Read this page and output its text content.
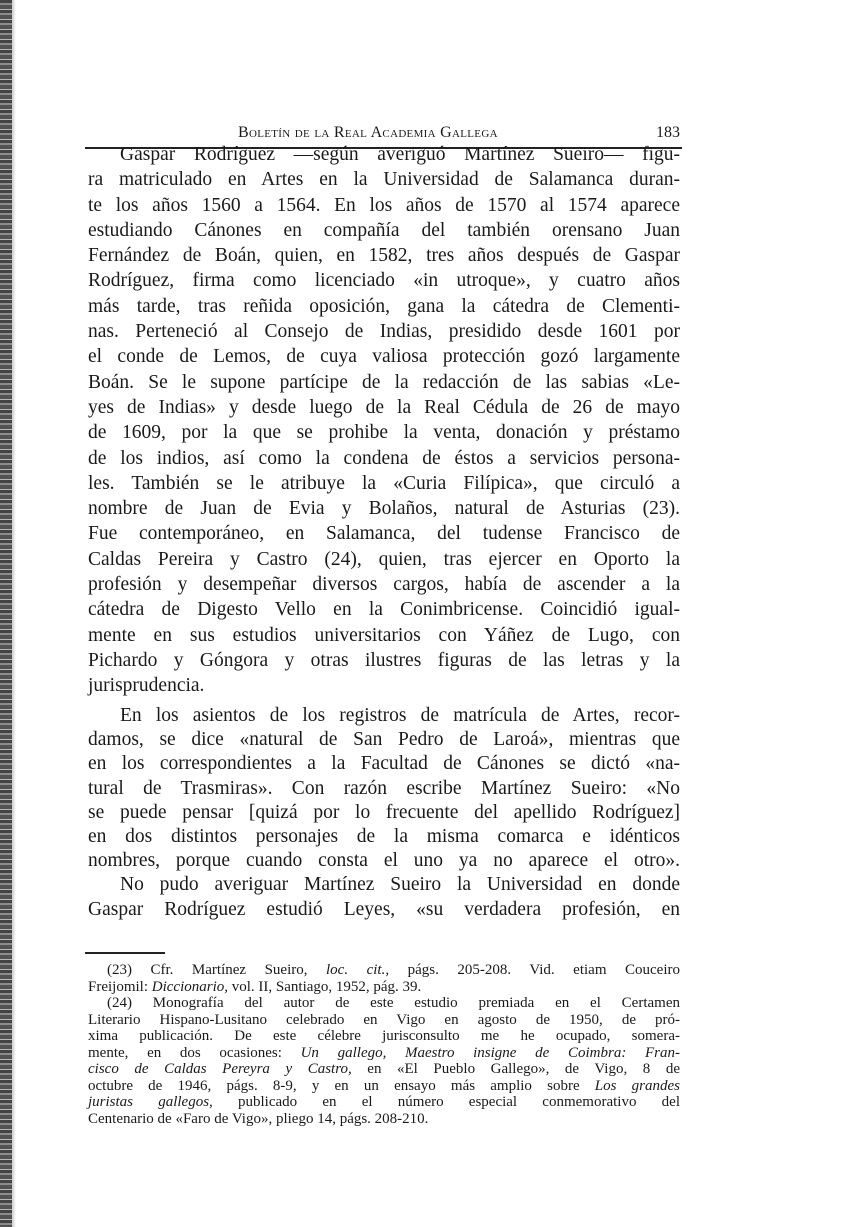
Boletín de la Real Academia Gallega	183
Gaspar Rodríguez —según averiguó Martínez Sueiro— figu-
ra matriculado en Artes en la Universidad de Salamanca duran-
te los años 1560 a 1564. En los años de 1570 al 1574 aparece
estudiando Cánones en compañía del también orensano Juan
Fernández de Boán, quien, en 1582, tres años después de Gaspar
Rodríguez, firma como licenciado «in utroque», y cuatro años
más tarde, tras reñida oposición, gana la cátedra de Clementi-
nas. Perteneció al Consejo de Indias, presidido desde 1601 por
el conde de Lemos, de cuya valiosa protección gozó largamente
Boán. Se le supone partícipe de la redacción de las sabias «Le-
yes de Indias» y desde luego de la Real Cédula de 26 de mayo
de 1609, por la que se prohibe la venta, donación y préstamo
de los indios, así como la condena de éstos a servicios persona-
les. También se le atribuye la «Curia Filípica», que circuló a
nombre de Juan de Evia y Bolaños, natural de Asturias (23).
Fue contemporáneo, en Salamanca, del tudense Francisco de
Caldas Pereira y Castro (24), quien, tras ejercer en Oporto la
profesión y desempeñar diversos cargos, había de ascender a la
cátedra de Digesto Vello en la Conimbricense. Coincidió igual-
mente en sus estudios universitarios con Yáñez de Lugo, con
Pichardo y Góngora y otras ilustres figuras de las letras y la
jurisprudencia.
En los asientos de los registros de matrícula de Artes, recor-
damos, se dice «natural de San Pedro de Laroá», mientras que
en los correspondientes a la Facultad de Cánones se dictó «na-
tural de Trasmiras». Con razón escribe Martínez Sueiro: «No
se puede pensar [quizá por lo frecuente del apellido Rodríguez]
en dos distintos personajes de la misma comarca e idénticos
nombres, porque cuando consta el uno ya no aparece el otro».
No pudo averiguar Martínez Sueiro la Universidad en donde
Gaspar Rodríguez estudió Leyes, «su verdadera profesión, en
(23) Cfr. Martínez Sueiro, loc. cit., págs. 205-208. Vid. etiam Couceiro
Freijomil: Diccionario, vol. II, Santiago, 1952, pág. 39.
(24) Monografía del autor de este estudio premiada en el Certamen
Literario Hispano-Lusitano celebrado en Vigo en agosto de 1950, de pró-
xima publicación. De este célebre jurisconsulto me he ocupado, somera-
mente, en dos ocasiones: Un gallego, Maestro insigne de Coimbra: Fran-
cisco de Caldas Pereyra y Castro, en «El Pueblo Gallego», de Vigo, 8 de
octubre de 1946, págs. 8-9, y en un ensayo más amplio sobre Los grandes
juristas gallegos, publicado en el número especial conmemorativo del
Centenario de «Faro de Vigo», pliego 14, págs. 208-210.
